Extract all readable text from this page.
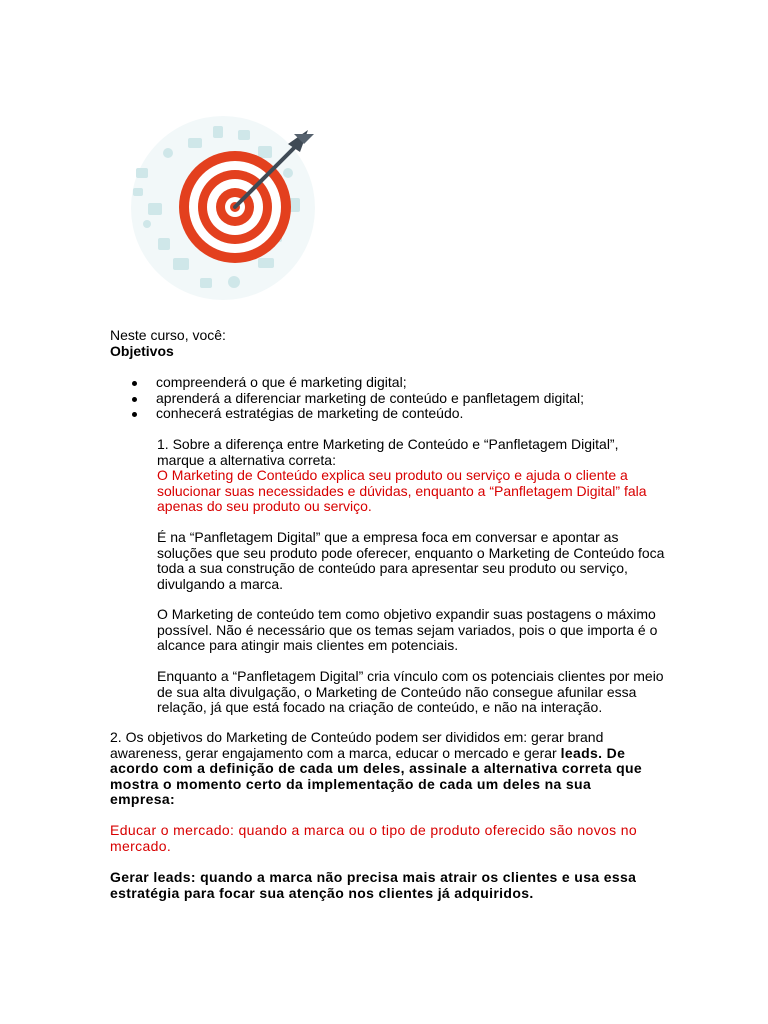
Neste curso, você:
Objetivos
compreenderá o que é marketing digital;
aprenderá a diferenciar marketing de conteúdo e panfletagem digital;
conhecerá estratégias de marketing de conteúdo.
1. Sobre a diferença entre Marketing de Conteúdo e “Panfletagem Digital”, marque a alternativa correta:
O Marketing de Conteúdo explica seu produto ou serviço e ajuda o cliente a solucionar suas necessidades e dúvidas, enquanto a “Panfletagem Digital” fala apenas do seu produto ou serviço.
É na “Panfletagem Digital” que a empresa foca em conversar e apontar as soluções que seu produto pode oferecer, enquanto o Marketing de Conteúdo foca toda a sua construção de conteúdo para apresentar seu produto ou serviço, divulgando a marca.
O Marketing de conteúdo tem como objetivo expandir suas postagens o máximo possível. Não é necessário que os temas sejam variados, pois o que importa é o alcance para atingir mais clientes em potenciais.
Enquanto a “Panfletagem Digital” cria vínculo com os potenciais clientes por meio de sua alta divulgação, o Marketing de Conteúdo não consegue afunilar essa relação, já que está focado na criação de conteúdo, e não na interação.
2. Os objetivos do Marketing de Conteúdo podem ser divididos em: gerar brand awareness, gerar engajamento com a marca, educar o mercado e gerar leads. De acordo com a definição de cada um deles, assinale a alternativa correta que mostra o momento certo da implementação de cada um deles na sua empresa:
Educar o mercado: quando a marca ou o tipo de produto oferecido são novos no mercado.
Gerar leads: quando a marca não precisa mais atrair os clientes e usa essa estratégia para focar sua atenção nos clientes já adquiridos.
